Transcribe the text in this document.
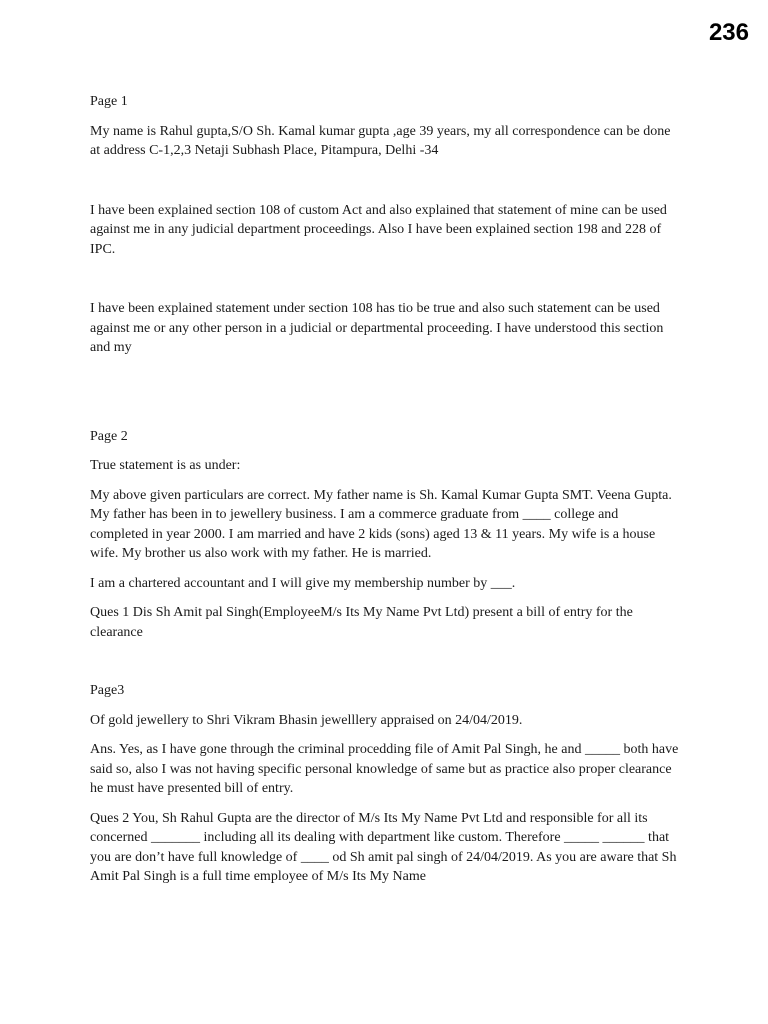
236

Page 1

My name is Rahul gupta,S/O Sh. Kamal kumar gupta ,age 39 years, my all correspondence can be done at address C-1,2,3 Netaji Subhash Place, Pitampura, Delhi -34

I have been explained section 108 of custom Act and also explained that statement of mine can be used against me in any judicial department proceedings. Also I have been explained section 198 and 228 of IPC.

I have been explained statement under section 108 has tio be true and also such statement can be used against me or any other person in a judicial or departmental proceeding. I have understood this section and my

Page 2

True statement is as under:

My above given particulars are correct. My father name is Sh. Kamal Kumar Gupta SMT. Veena Gupta. My father has been in to jewellery business. I am a commerce graduate from ____ college and completed in year 2000. I am married and have 2 kids (sons) aged 13 & 11 years. My wife is a house wife. My brother us also work with my father. He is married.

I am a chartered accountant and I will give my membership number by ___.

Ques 1 Dis Sh Amit pal Singh(EmployeeM/s Its My Name Pvt Ltd) present a bill of entry for the clearance

Page3

Of gold jewellery to Shri Vikram Bhasin jewelllery appraised on 24/04/2019.

Ans. Yes, as I have gone through the criminal procedding file of Amit Pal Singh, he and _____ both have said so, also I was not having specific personal knowledge of same but as practice also proper clearance he must have presented bill of entry.

Ques 2 You, Sh Rahul Gupta are the director of M/s Its My Name Pvt Ltd and responsible for all its concerned _______ including all its dealing with department like custom. Therefore _____ ______ that you are don’t have full knowledge of ____ od Sh amit pal singh of 24/04/2019. As you are aware that Sh Amit Pal Singh is a full time employee of M/s Its My Name
